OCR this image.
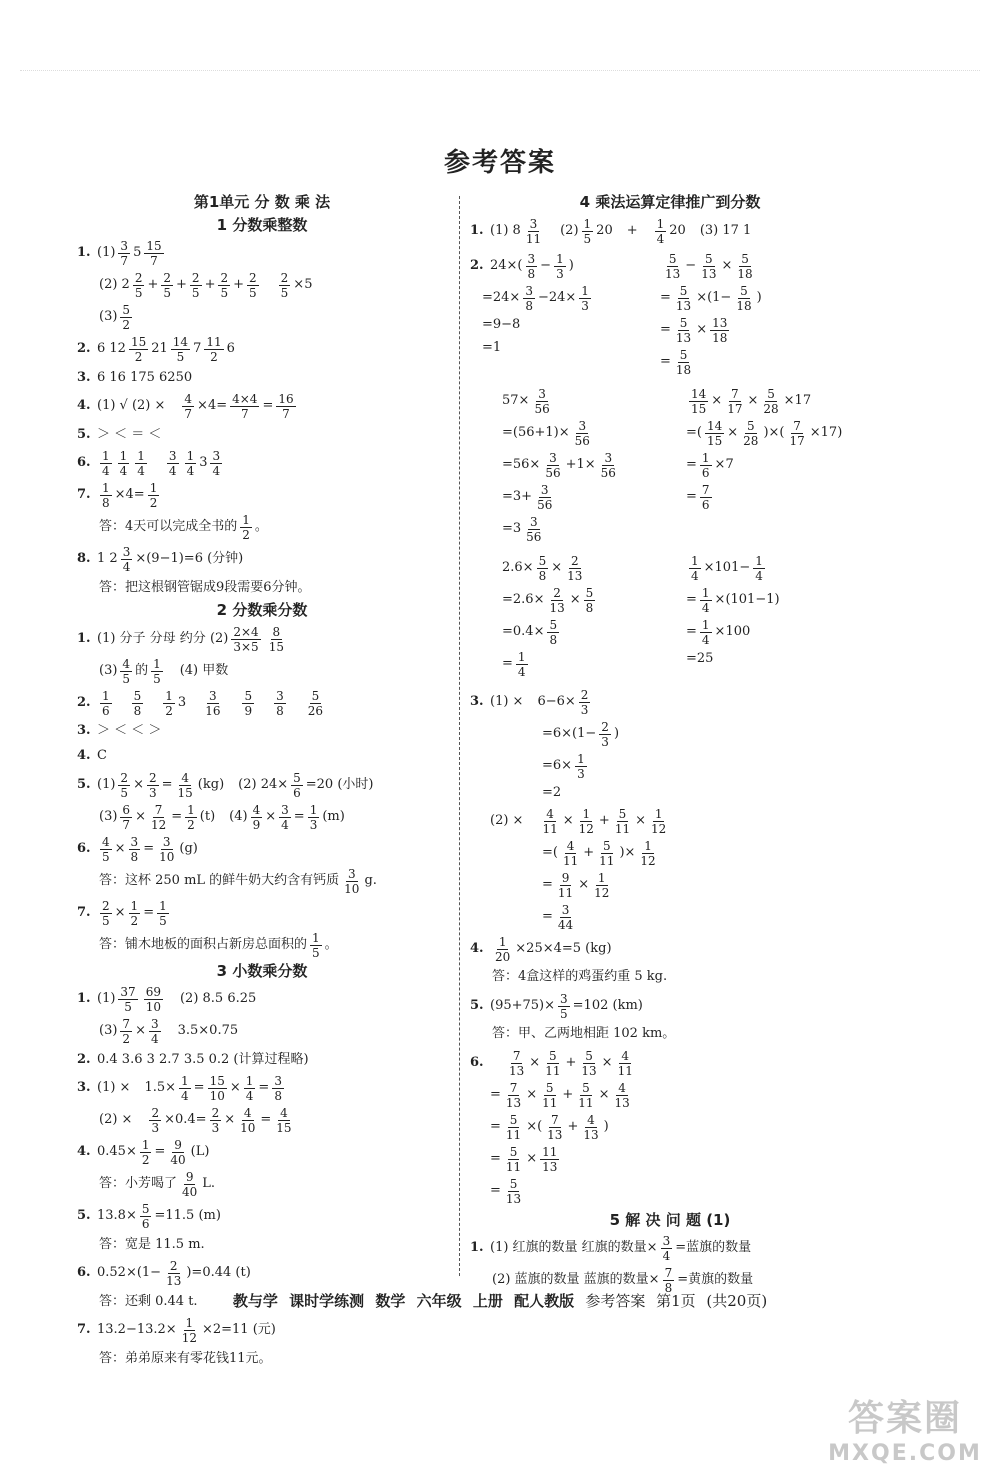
参考答案
第1单元 分 数 乘 法
1 分数乘整数
1. $(1) \frac{3}{7} 5 \frac{15}{7}$
(2) $2 \frac{2}{5} + \frac{2}{5} + \frac{2}{5} + \frac{2}{5} + \frac{2}{5} \frac{2}{5} \times 5$
$(3) \frac{5}{2}$
2. 6 $12 \frac{15}{2} 21 \frac{14}{5} 7 \frac{11}{2} 6$
3. 6 16 175 6250
4. (1) √ $(2) \times \frac{4}{7} \times 4= \frac{4\times 4}{7} = \frac{16}{7}$
5. ＞ ＜ ＝ ＜
6. $\frac{1}{4} \frac{1}{4} \frac{1}{4} \frac{3}{4} \frac{1}{4} 3 \frac{3}{4}$
7. $\frac{1}{8} \times 4= \frac{1}{2}$
答：4天可以完成全书的 $\frac{1}{2}$ 。
8. 1 $2 \frac{3}{4} \times(9-1)=6$ (分钟)
答：把这根钢管锯成9段需要6分钟。
2 分数乘分数
1. (1) 分子 分母 约分 $(2) \frac{2\times 4}{3\times 5} \frac{8}{15}$
$(3) \frac{4}{5}$ 的 $\frac{1}{5} (4)$ 甲数
2. $\frac{1}{6} \frac{5}{8} \frac{1}{2} 3 \frac{3}{16} \frac{5}{9} \frac{3}{8} \frac{5}{26}$
3. ＞ ＜ ＜ ＞
4. C
5. $(1) \frac{2}{5} \times \frac{2}{3} = \frac{4}{15} (kg)$
(2) $24\times \frac{5}{6} =20$ (小时)
$(3) \frac{6}{7} \times \frac{7}{12} = \frac{1}{2} (t)$
$(4) \frac{4}{9} \times \frac{3}{4} = \frac{1}{3} (m)$
6. $\frac{4}{5} \times \frac{3}{8} = \frac{3}{10} (g)$
答：这杯 250 mL 的鲜牛奶大约含有钙质 $\frac{3}{10} g$.
7. $\frac{2}{5} \times \frac{1}{2} = \frac{1}{5}$
答：铺木地板的面积占新房总面积的 $\frac{1}{5}$ 。
3 小数乘分数
1. $(1) \frac{37}{5} \frac{69}{10} (2)$ 8.5 6.25
$(3) \frac{7}{2} \times \frac{3}{4} 3.5\times 0.75$
2. 0.4 3.6 3 2.7 3.5 0.2 (计算过程略)
3. (1) ×
$1.5\times \frac{1}{4} = \frac{15}{10} \times \frac{1}{4} = \frac{3}{8}$
$(2) \times \frac{2}{3} \times 0.4= \frac{2}{3} \times \frac{4}{10} = \frac{4}{15}$
4. $0.45\times \frac{1}{2} = \frac{9}{40} (L)$
答：小芳喝了 $\frac{9}{40} L$.
5. $13.8\times \frac{5}{6} =11.5$ (m)
答：宽是 11.5 m.
6. $0.52\times(1- \frac{2}{13} )=0.44$ (t)
答：还剩 0.44 t.
7. $13.2-13.2\times \frac{1}{12} \times 2=11$ (元)
答：弟弟原来有零花钱11元。
4 乘法运算定律推广到分数
1. (1) $8 \frac{3}{11} (2) \frac{1}{5} 20$
+ $\frac{1}{4} 20$
(3) 17 1
2. $24\times( \frac{3}{8} - \frac{1}{3}$ )
$=24\times \frac{3}{8} -24\times \frac{1}{3}$
=9−8
=1
$\frac{5}{13} - \frac{5}{13} \times \frac{5}{18}$
= $\frac{5}{13} \times(1- \frac{5}{18}$ )
= $\frac{5}{13} \times \frac{13}{18}$
= $\frac{5}{18}$
$57\times \frac{3}{56}$
$=(56+1)\times \frac{3}{56}$
$=56\times \frac{3}{56} +1\times \frac{3}{56}$
$=3+ \frac{3}{56}$
$=3 \frac{3}{56}$
$\frac{14}{15} \times \frac{7}{17} \times \frac{5}{28} \times 17$
=( $\frac{14}{15} \times \frac{5}{28}$ )×( $\frac{7}{17} \times 17$)
= $\frac{1}{6} \times 7$
= $\frac{7}{6}$
$2.6\times \frac{5}{8} \times \frac{2}{13}$
$=2.6\times \frac{2}{13} \times \frac{5}{8}$
$=0.4\times \frac{5}{8}$
= $\frac{1}{4}$
$\frac{1}{4} \times 101- \frac{1}{4}$
= $\frac{1}{4} \times(101-1)$
= $\frac{1}{4} \times 100$
=25
3. (1) ×
$6-6\times \frac{2}{3}$
$=6\times(1- \frac{2}{3}$ )
$=6\times \frac{1}{3}$
=2
$(2) \times \frac{4}{11} \times \frac{1}{12} + \frac{5}{11} \times \frac{1}{12}$
=( $\frac{4}{11} + \frac{5}{11}$ )× $\frac{1}{12}$
= $\frac{9}{11} \times \frac{1}{12}$
= $\frac{3}{44}$
4. $\frac{1}{20} \times 25\times 4=5$ (kg)
答：4盒这样的鸡蛋约重 5 kg.
5. $(95+75)\times \frac{3}{5} =102$ (km)
答：甲、乙两地相距 102 km。
6.	$\frac{7}{13} \times \frac{5}{11} + \frac{5}{13} \times \frac{4}{11}$
= $\frac{7}{13} \times \frac{5}{11} + \frac{5}{11} \times \frac{4}{13}$
= $\frac{5}{11}$ ×( $\frac{7}{13} + \frac{4}{13}$ )
= $\frac{5}{11} \times \frac{11}{13}$
= $\frac{5}{13}$
5 解 决 问 题 (1)
1. (1) 红旗的数量 红旗的数量× $\frac{3}{4}$ =蓝旗的数量
(2) 蓝旗的数量 蓝旗的数量× $\frac{7}{8}$ =黄旗的数量
教与学 课时学练测 数学 六年级 上册 配人教版 参考答案 第1页 (共20页)
答案圈
MXQE.COM
